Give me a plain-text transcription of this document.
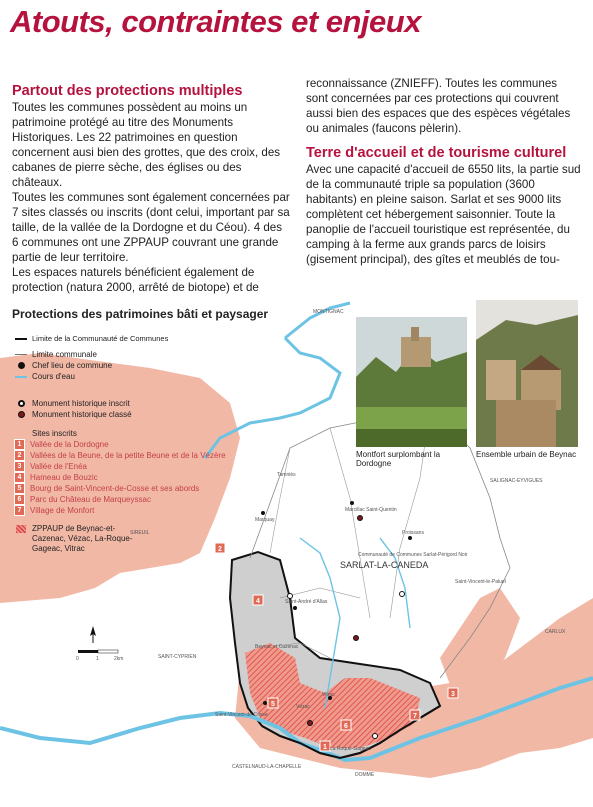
Atouts, contraintes et enjeux
Partout des protections multiples

Toutes les communes possèdent au moins un patrimoine protégé au titre des Monuments Historiques. Les 22 patrimoines en question concernent ausi bien des grottes, que des croix, des cabanes de pierre sèche, des églises ou des châteaux.

Toutes les communes sont également concernées par 7 sites classés ou inscrits (dont celui, important par sa taille, de la vallée de la Dordogne et du Céou). 4 des 6 communes ont une ZPPAUP couvrant une grande partie de leur territoire.

Les espaces naturels bénéficient également de protection (natura 2000, arrêté de biotope) et de

reconnaissance (ZNIEFF). Toutes les communes sont concernées par ces protections qui couvrent aussi bien des espaces que des espèces végétales ou animales (faucons pèlerin).

Terre d'accueil et de tourisme culturel

Avec une capacité d'accueil de 6550 lits, la partie sud de la communauté triple sa population (3600 habitants) en pleine saison. Sarlat et ses 9000 lits complètent cet hébergement saisonnier. Toute la panoplie de l'accueil touristique est représentée, du camping à la ferme aux grands parcs de loisirs (gisement principal), des gîtes et meublés de tou-

2
4
3
5
6
7
1
MONTIGNAC
Tamniès
Marquay
Marcillac Saint-Quentin
Proissans
SALIGNAC-EYVIGUES
Saint-André d'Allas
SARLAT-LA-CANEDA
Saint-Vincent-le-Paluel
SAINT-CYPRIEN
Beynac et Cazenac
Saint-Vincent-de-Cosse
Vitrac
Vézac
La Roque-Gageac
CASTELNAUD-LA-CHAPELLE
CARLUX
DOMME
SIREUIL
Communauté de Communes Sarlat-Périgord Noir
0	1	2km

Protections des patrimoines bâti et paysager

Limite de la Communauté de Communes
Limite communale
Chef lieu de commune
Cours d'eau
Monument historique inscrit
Monument historique classé
Sites inscrits
1	Vallée de la Dordogne
2	Vallées de la Beune, de la petite Beune et de la Vézère
3	Vallée de l'Enéa
4	Hameau de Bouzic
5	Bourg de Saint-Vincent-de-Cosse et ses abords
6	Parc du Château de Marqueyssac
7	Village de Monfort
ZPPAUP de Beynac-et-Cazenac, Vézac, La-Roque-Gageac, Vitrac
Montfort surplombant la Dordogne
Ensemble urbain de Beynac
